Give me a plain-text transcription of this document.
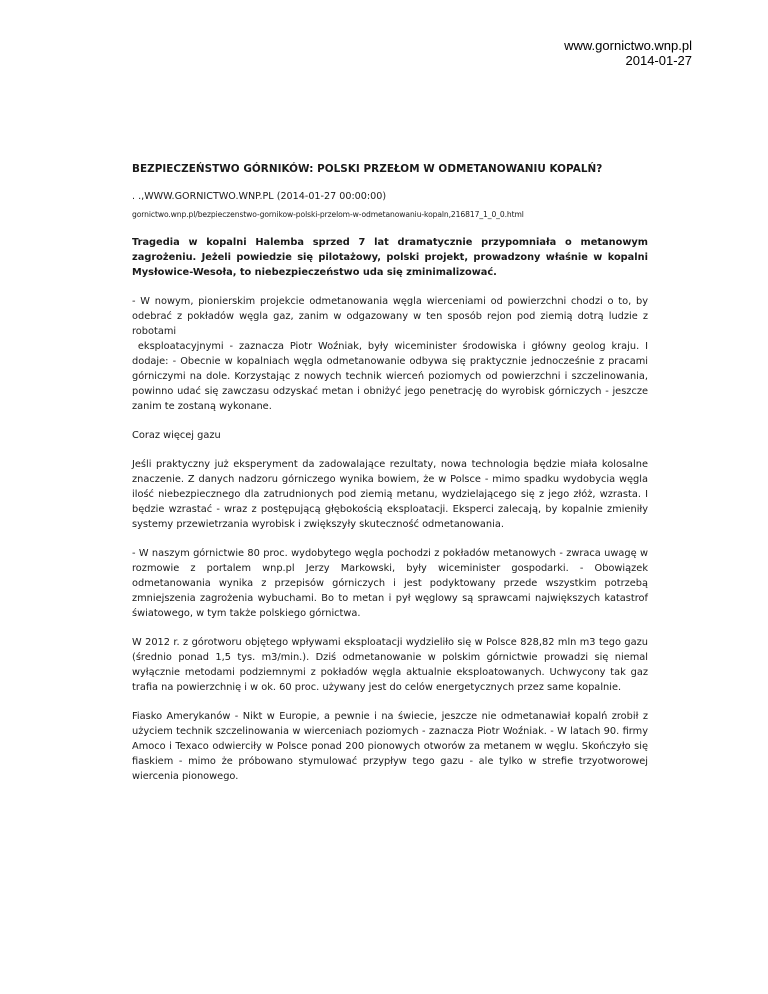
www.gornictwo.wnp.pl
2014-01-27
BEZPIECZEŃSTWO GÓRNIKÓW: POLSKI PRZEŁOM W ODMETANOWANIU KOPALŃ?
. .,WWW.GORNICTWO.WNP.PL (2014-01-27 00:00:00)
gornictwo.wnp.pl/bezpieczenstwo-gornikow-polski-przelom-w-odmetanowaniu-kopaln,216817_1_0_0.html
Tragedia w kopalni Halemba sprzed 7 lat dramatycznie przypomniała o metanowym zagrożeniu. Jeżeli powiedzie się pilotażowy, polski projekt, prowadzony właśnie w kopalni Mysłowice-Wesoła, to niebezpieczeństwo uda się zminimalizować.
- W nowym, pionierskim projekcie odmetanowania węgla wierceniami od powierzchni chodzi o to, by
odebrać z pokładów węgla gaz, zanim w odgazowany w ten sposób rejon pod ziemią dotrą ludzie z
robotami
eksploatacyjnymi - zaznacza Piotr Woźniak, były wiceminister środowiska i główny geolog kraju. I
dodaje: - Obecnie w kopalniach węgla odmetanowanie odbywa się praktycznie jednocześnie z pracami
górniczymi na dole. Korzystając z nowych technik wierceń poziomych od powierzchni i szczelinowania,
powinno udać się zawczasu odzyskać metan i obniżyć jego penetrację do wyrobisk górniczych - jeszcze
zanim te zostaną wykonane.
Coraz więcej gazu
Jeśli praktyczny już eksperyment da zadowalające rezultaty, nowa technologia będzie miała kolosalne znaczenie. Z danych nadzoru górniczego wynika bowiem, że w Polsce - mimo spadku wydobycia węgla ilość niebezpiecznego dla zatrudnionych pod ziemią metanu, wydzielającego się z jego złóż, wzrasta. I będzie wzrastać - wraz z postępującą głębokością eksploatacji. Eksperci zalecają, by kopalnie zmieniły systemy przewietrzania wyrobisk i zwiększyły skuteczność odmetanowania.
- W naszym górnictwie 80 proc. wydobytego węgla pochodzi z pokładów metanowych - zwraca uwagę w rozmowie z portalem wnp.pl Jerzy Markowski, były wiceminister gospodarki. - Obowiązek odmetanowania wynika z przepisów górniczych i jest podyktowany przede wszystkim potrzebą zmniejszenia zagrożenia wybuchami. Bo to metan i pył węglowy są sprawcami największych katastrof światowego, w tym także polskiego górnictwa.
W 2012 r. z górotworu objętego wpływami eksploatacji wydzieliło się w Polsce 828,82 mln m3 tego gazu (średnio ponad 1,5 tys. m3/min.). Dziś odmetanowanie w polskim górnictwie prowadzi się niemal wyłącznie metodami podziemnymi z pokładów węgla aktualnie eksploatowanych. Uchwycony tak gaz trafia na powierzchnię i w ok. 60 proc. używany jest do celów energetycznych przez same kopalnie.
Fiasko Amerykanów - Nikt w Europie, a pewnie i na świecie, jeszcze nie odmetanawiał kopalń zrobił z użyciem technik szczelinowania w wierceniach poziomych - zaznacza Piotr Woźniak. - W latach 90. firmy Amoco i Texaco odwierciły w Polsce ponad 200 pionowych otworów za metanem w węglu. Skończyło się fiaskiem - mimo że próbowano stymulować przypływ tego gazu - ale tylko w strefie trzyotworowej wiercenia pionowego.
